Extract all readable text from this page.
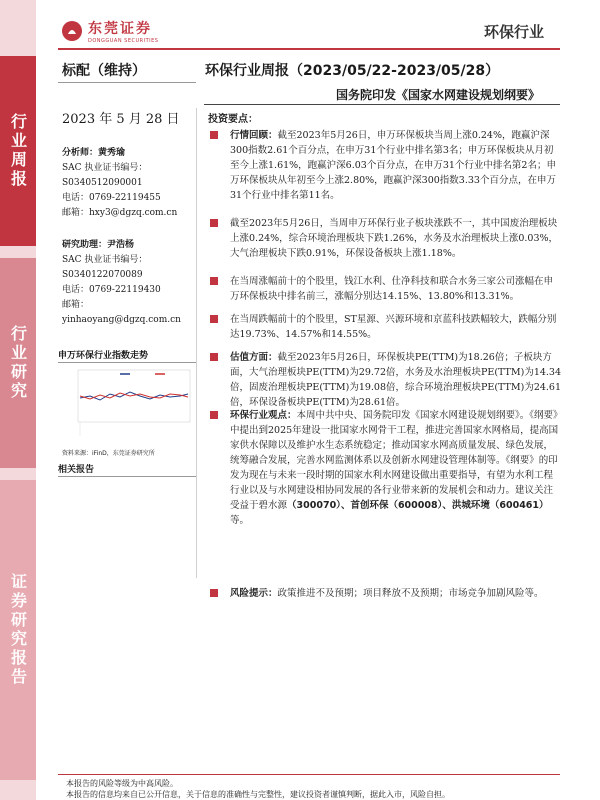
行业周报
行业研究
证券研究报告
东莞证券
DONGGUAN SECURITIES	环保行业
标配（维持）	环保行业周报（2023/05/22-2023/05/28）
国务院印发《国家水网建设规划纲要》
2023 年 5 月 28 日
分析师：黄秀瑜
SAC 执业证书编号：
S0340512090001
电话：0769-22119455
邮箱：hxy3@dgzq.com.cn
研究助理：尹浩杨
SAC 执业证书编号：
S0340122070089
电话：0769-22119430
邮箱：
yinhaoyang@dgzq.com.cn
申万环保行业指数走势
资料来源：iFinD，东莞证券研究所
相关报告
投资要点：
行情回顾：截至2023年5月26日，申万环保板块当周上涨0.24%，跑赢沪深300指数2.61个百分点，在申万31个行业中排名第3名；申万环保板块从月初至今上涨1.61%，跑赢沪深6.03个百分点，在申万31个行业中排名第2名；申万环保板块从年初至今上涨2.80%，跑赢沪深300指数3.33个百分点，在申万31个行业中排名第11名。
截至2023年5月26日，当周申万环保行业子板块涨跌不一，其中国废治理板块上涨0.24%，综合环境治理板块下跌1.26%，水务及水治理板块上涨0.03%，大气治理板块下跌0.91%，环保设备板块上涨1.18%。
在当周涨幅前十的个股里，钱江水利、仕净科技和联合水务三家公司涨幅在申万环保板块中排名前三，涨幅分别达14.15%、13.80%和13.31%。
在当周跌幅前十的个股里，ST星源、兴源环境和京蓝科技跌幅较大，跌幅分别达19.73%、14.57%和14.55%。
估值方面：截至2023年5月26日，环保板块PE(TTM)为18.26倍；子板块方面，大气治理板块PE(TTM)为29.72倍，水务及水治理板块PE(TTM)为14.34倍，固废治理板块PE(TTM)为19.08倍，综合环境治理板块PE(TTM)为24.61倍，环保设备板块PE(TTM)为28.61倍。
环保行业观点：本周中共中央、国务院印发《国家水网建设规划纲要》。《纲要》中提出到2025年建设一批国家水网骨干工程，推进完善国家水网格局，提高国家供水保障以及维护水生态系统稳定；推动国家水网高质量发展、绿色发展，统筹融合发展，完善水网监测体系以及创新水网建设管理体制等。《纲要》的印发为现在与未来一段时期的国家水利水网建设做出重要指导，有望为水利工程行业以及与水网建设相协同发展的各行业带来新的发展机会和动力。建议关注受益于碧水源（300070）、首创环保（600008）、洪城环境（600461）等。
风险提示：政策推进不及预期；项目释放不及预期；市场竞争加剧风险等。
本报告的风险等级为中高风险。
本报告的信息均来自已公开信息，关于信息的准确性与完整性，建议投资者谨慎判断，据此入市，风险自担。
